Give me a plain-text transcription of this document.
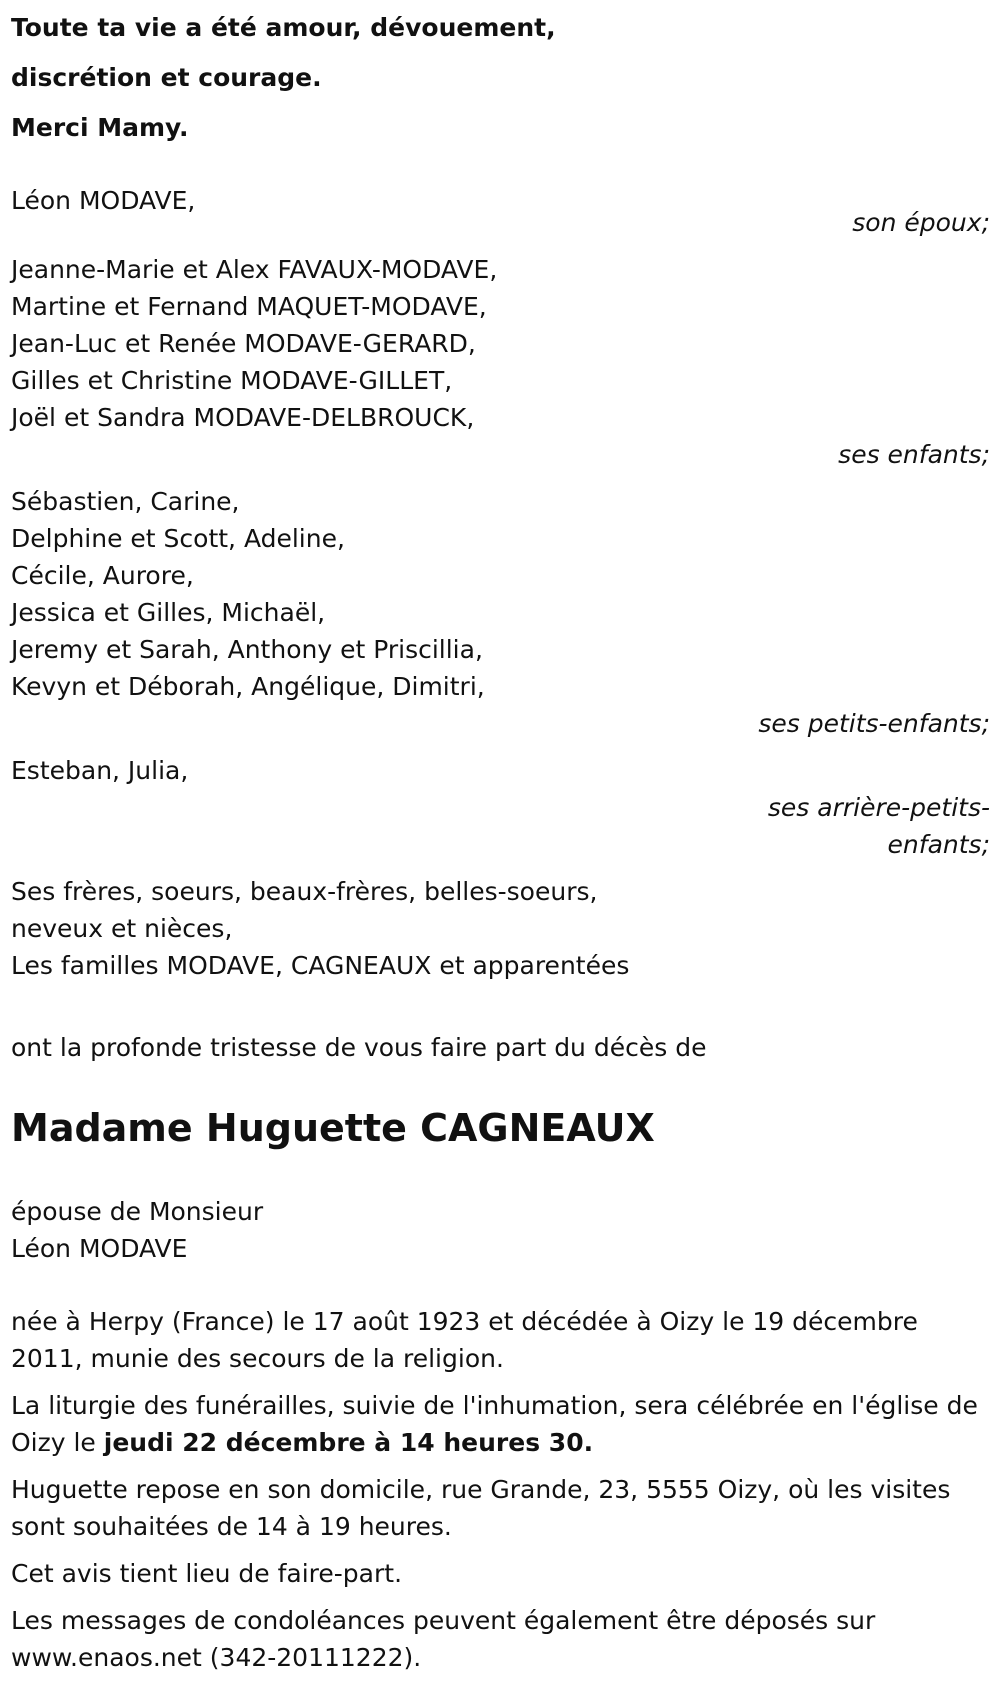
Toute ta vie a été amour, dévouement,
discrétion et courage.
Merci Mamy.
Léon MODAVE,
son époux;
Jeanne-Marie et Alex FAVAUX-MODAVE,
Martine et Fernand MAQUET-MODAVE,
Jean-Luc et Renée MODAVE-GERARD,
Gilles et Christine MODAVE-GILLET,
Joël et Sandra MODAVE-DELBROUCK,
ses enfants;
Sébastien, Carine,
Delphine et Scott, Adeline,
Cécile, Aurore,
Jessica et Gilles, Michaël,
Jeremy et Sarah, Anthony et Priscillia,
Kevyn et Déborah, Angélique, Dimitri,
ses petits-enfants;
Esteban, Julia,
ses arrière-petits-
enfants;
Ses frères, soeurs, beaux-frères, belles-soeurs,
neveux et nièces,
Les familles MODAVE, CAGNEAUX et apparentées
ont la profonde tristesse de vous faire part du décès de
Madame Huguette CAGNEAUX
épouse de Monsieur
Léon MODAVE

née à Herpy (France) le 17 août 1923 et décédée à Oizy le 19 décembre 2011, munie des secours de la religion.

La liturgie des funérailles, suivie de l'inhumation, sera célébrée en l'église de Oizy le jeudi 22 décembre à 14 heures 30.

Huguette repose en son domicile, rue Grande, 23, 5555 Oizy, où les visites sont souhaitées de 14 à 19 heures.

Cet avis tient lieu de faire-part.

Les messages de condoléances peuvent également être déposés sur www.enaos.net (342-20111222).
